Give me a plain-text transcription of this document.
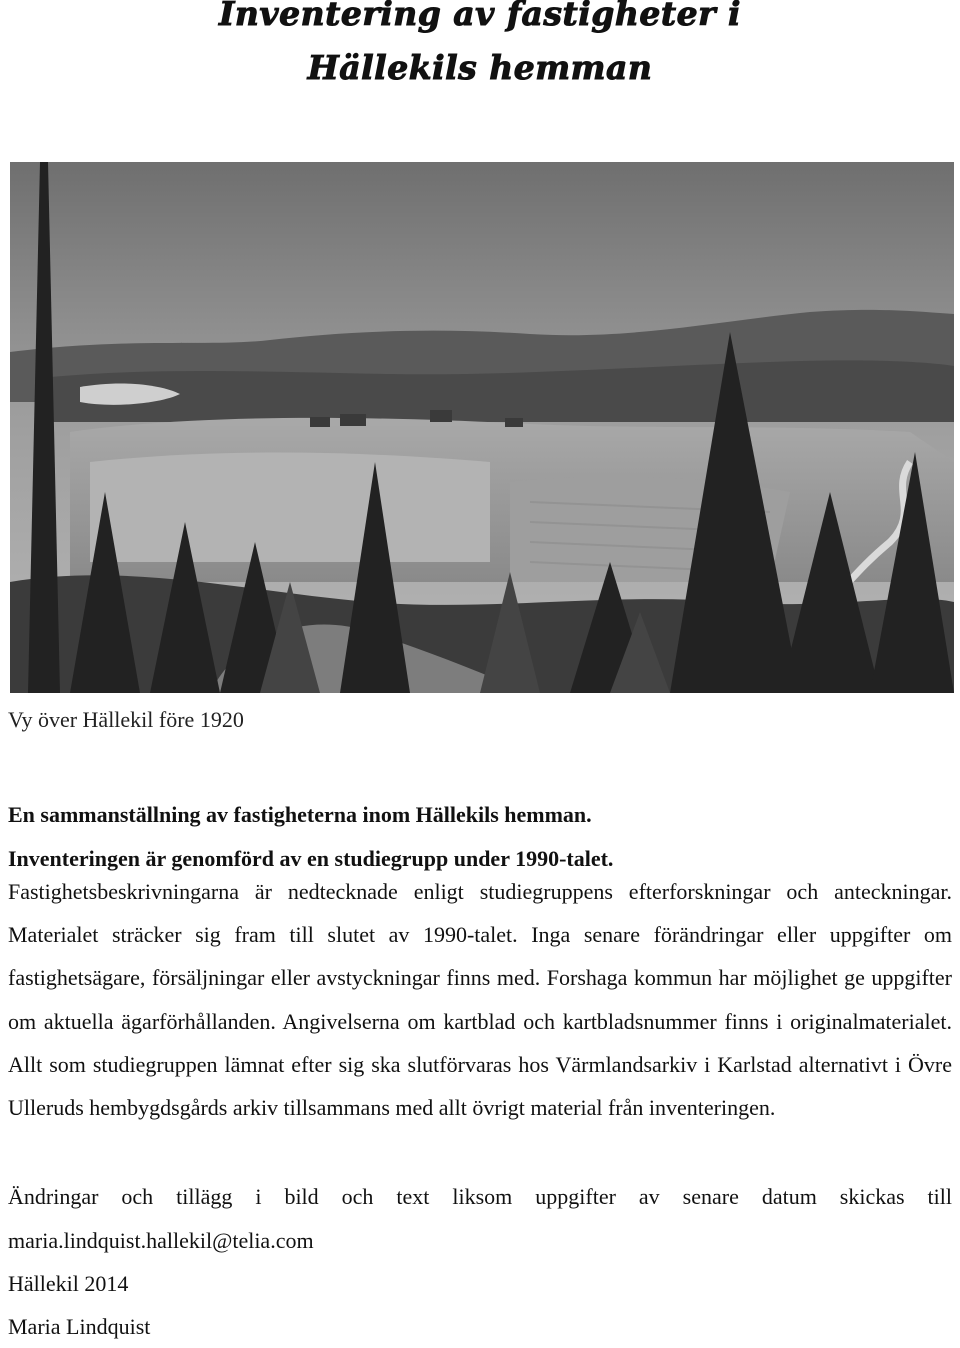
Inventering av fastigheter i
Hällekils hemman
Vy över Hällekil före 1920
En sammanställning av fastigheterna inom Hällekils hemman.
Inventeringen är genomförd av en studiegrupp under 1990-talet.

Fastighetsbeskrivningarna är nedtecknade enligt studiegruppens efterforskningar och anteckningar. Materialet sträcker sig fram till slutet av 1990-talet. Inga senare förändringar eller uppgifter om fastighetsägare, försäljningar eller avstyckningar finns med. Forshaga kommun har möjlighet ge uppgifter om aktuella ägarförhållanden. Angivelserna om kartblad och kartbladsnummer finns i originalmaterialet. Allt som studiegruppen lämnat efter sig ska slutförvaras hos Värmlandsarkiv i Karlstad alternativt i Övre Ulleruds hembygdsgårds arkiv tillsammans med allt övrigt material från inventeringen.

Ändringar och tillägg i bild och text liksom uppgifter av senare datum skickas till maria.lindquist.hallekil@telia.com

Hällekil 2014
Maria Lindquist
